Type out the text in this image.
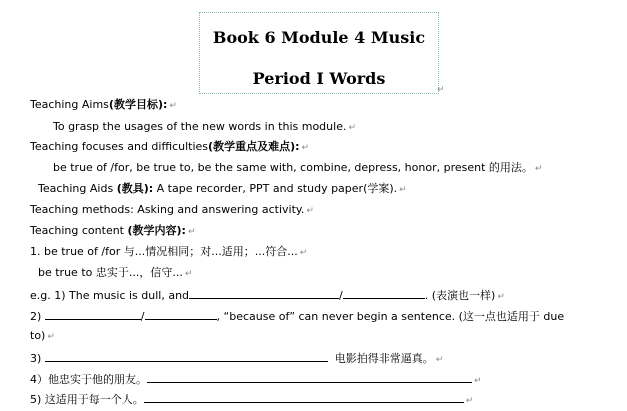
Book 6 Module 4 Music
Period I Words
↵
Teaching Aims(教学目标): ↵
To grasp the usages of the new words in this module. ↵
Teaching focuses and difficulties(教学重点及难点): ↵
be true of /for, be true to, be the same with, combine, depress, honor, present 的用法。 ↵
Teaching Aids (教具): A tape recorder, PPT and study paper(学案). ↵
Teaching methods: Asking and answering activity. ↵
Teaching content (教学内容): ↵
1. be true of /for 与...情况相同；对...适用；...符合... ↵
be true to 忠实于...，信守... ↵
e.g. 1) The music is dull, and	/	. (表演也一样) ↵
2)	/	, “because of” can never begin a sentence. (这一点也适用于 due
to) ↵
3)	电影拍得非常逼真。 ↵
4）他忠实于他的朋友。	↵
5) 这适用于每一个人。	↵
